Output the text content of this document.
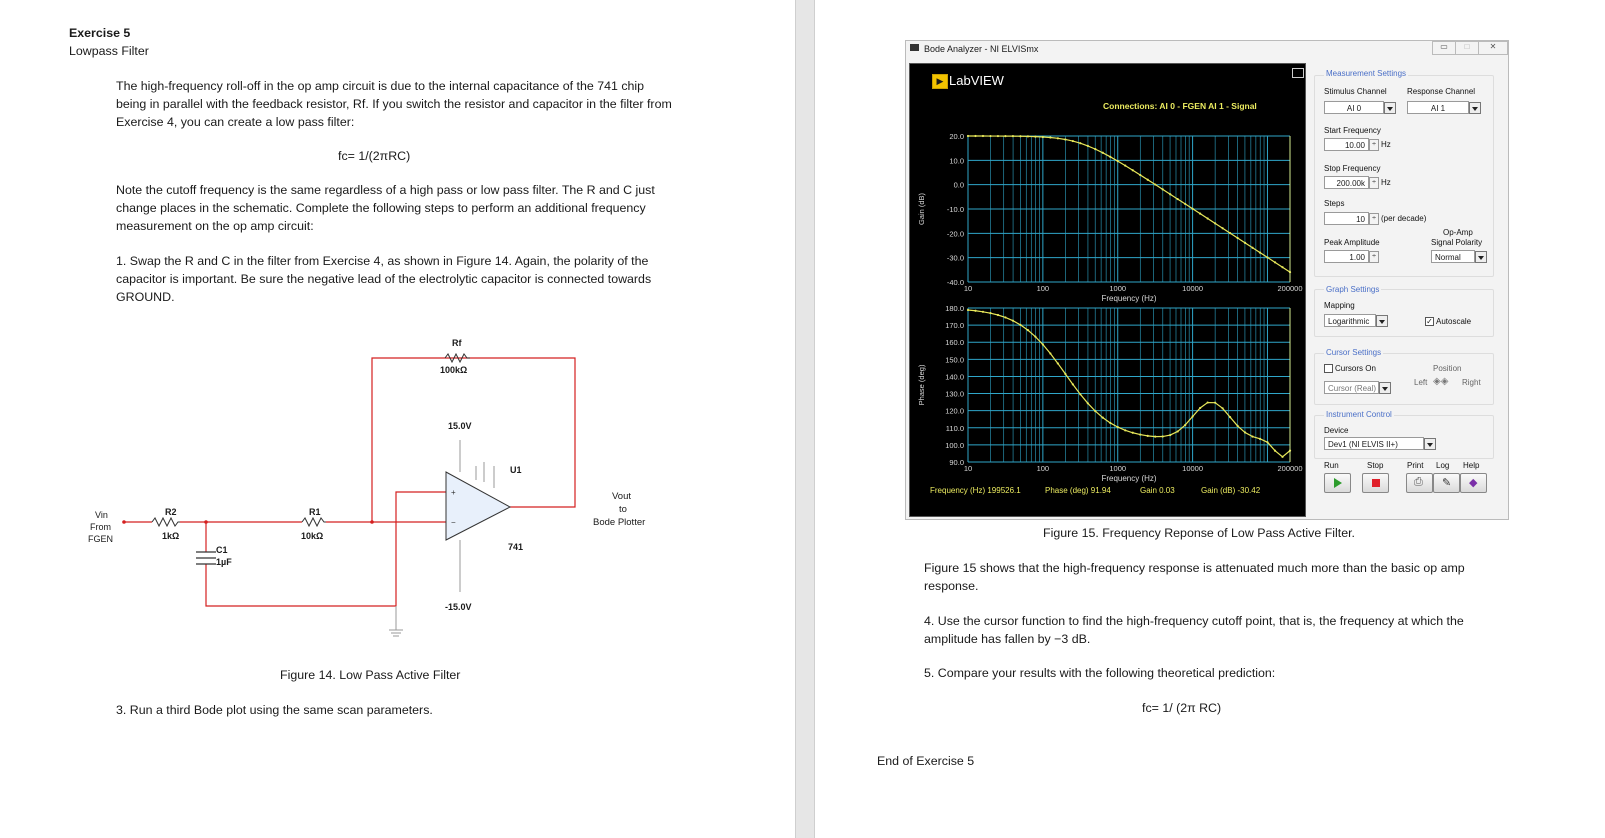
Exercise 5
Lowpass Filter
The high-frequency roll-off in the op amp circuit is due to the internal capacitance of the 741 chip being in parallel with the feedback resistor, Rf. If you switch the resistor and capacitor in the filter from Exercise 4, you can create a low pass filter:
fc= 1/(2πRC)
Note the cutoff frequency is the same regardless of a high pass or low pass filter. The R and C just change places in the schematic. Complete the following steps to perform an additional frequency measurement on the op amp circuit:
1. Swap the R and C in the filter from Exercise 4, as shown in Figure 14. Again, the polarity of the capacitor is important. Be sure the negative lead of the electrolytic capacitor is connected towards GROUND.
+
−
Rf
100kΩ
15.0V
U1
741
-15.0V
Vin
From
FGEN
R2
1kΩ
R1
10kΩ
C1
1µF
Vout
to
Bode Plotter
Figure 14. Low Pass Active Filter
3. Run a third Bode plot using the same scan parameters.
Bode Analyzer - NI ELVISmx	▭	□	✕
▶ LabVIEW
Connections: AI 0 - FGEN AI 1 - Signal
20.0
10.0
0.0
-10.0
-20.0
-30.0
-40.0
10	100	1000	10000	200000
Frequency (Hz)
Gain (dB)
180.0
170.0
160.0
150.0
140.0
130.0
120.0
110.0
100.0
90.0
10	100	1000	10000	200000
Frequency (Hz)
Phase (deg)
Frequency (Hz) 199526.1	Phase (deg) 91.94	Gain 0.03	Gain (dB) -30.42
Measurement Settings
Stimulus Channel	Response Channel
AI 0	AI 1
Start Frequency
10.00	÷ Hz
Stop Frequency
200.00k	÷ Hz
Steps
10	÷ (per decade)
Peak Amplitude
1.00	÷
Op-Amp
Signal Polarity
Normal
Graph Settings
Mapping
Logarithmic	✓ Autoscale
Cursor Settings
Cursors On	Position
Cursor (Real)
Left ◈◈ Right
Instrument Control
Device
Dev1 (NI ELVIS II+)
Run	Stop	Print Log Help
⎙ ✎ ◆
Figure 15. Frequency Reponse of Low Pass Active Filter.
Figure 15 shows that the high-frequency response is attenuated much more than the basic op amp response.
4. Use the cursor function to find the high-frequency cutoff point, that is, the frequency at which the amplitude has fallen by −3 dB.
5. Compare your results with the following theoretical prediction:
fc= 1/ (2π RC)
End of Exercise 5
